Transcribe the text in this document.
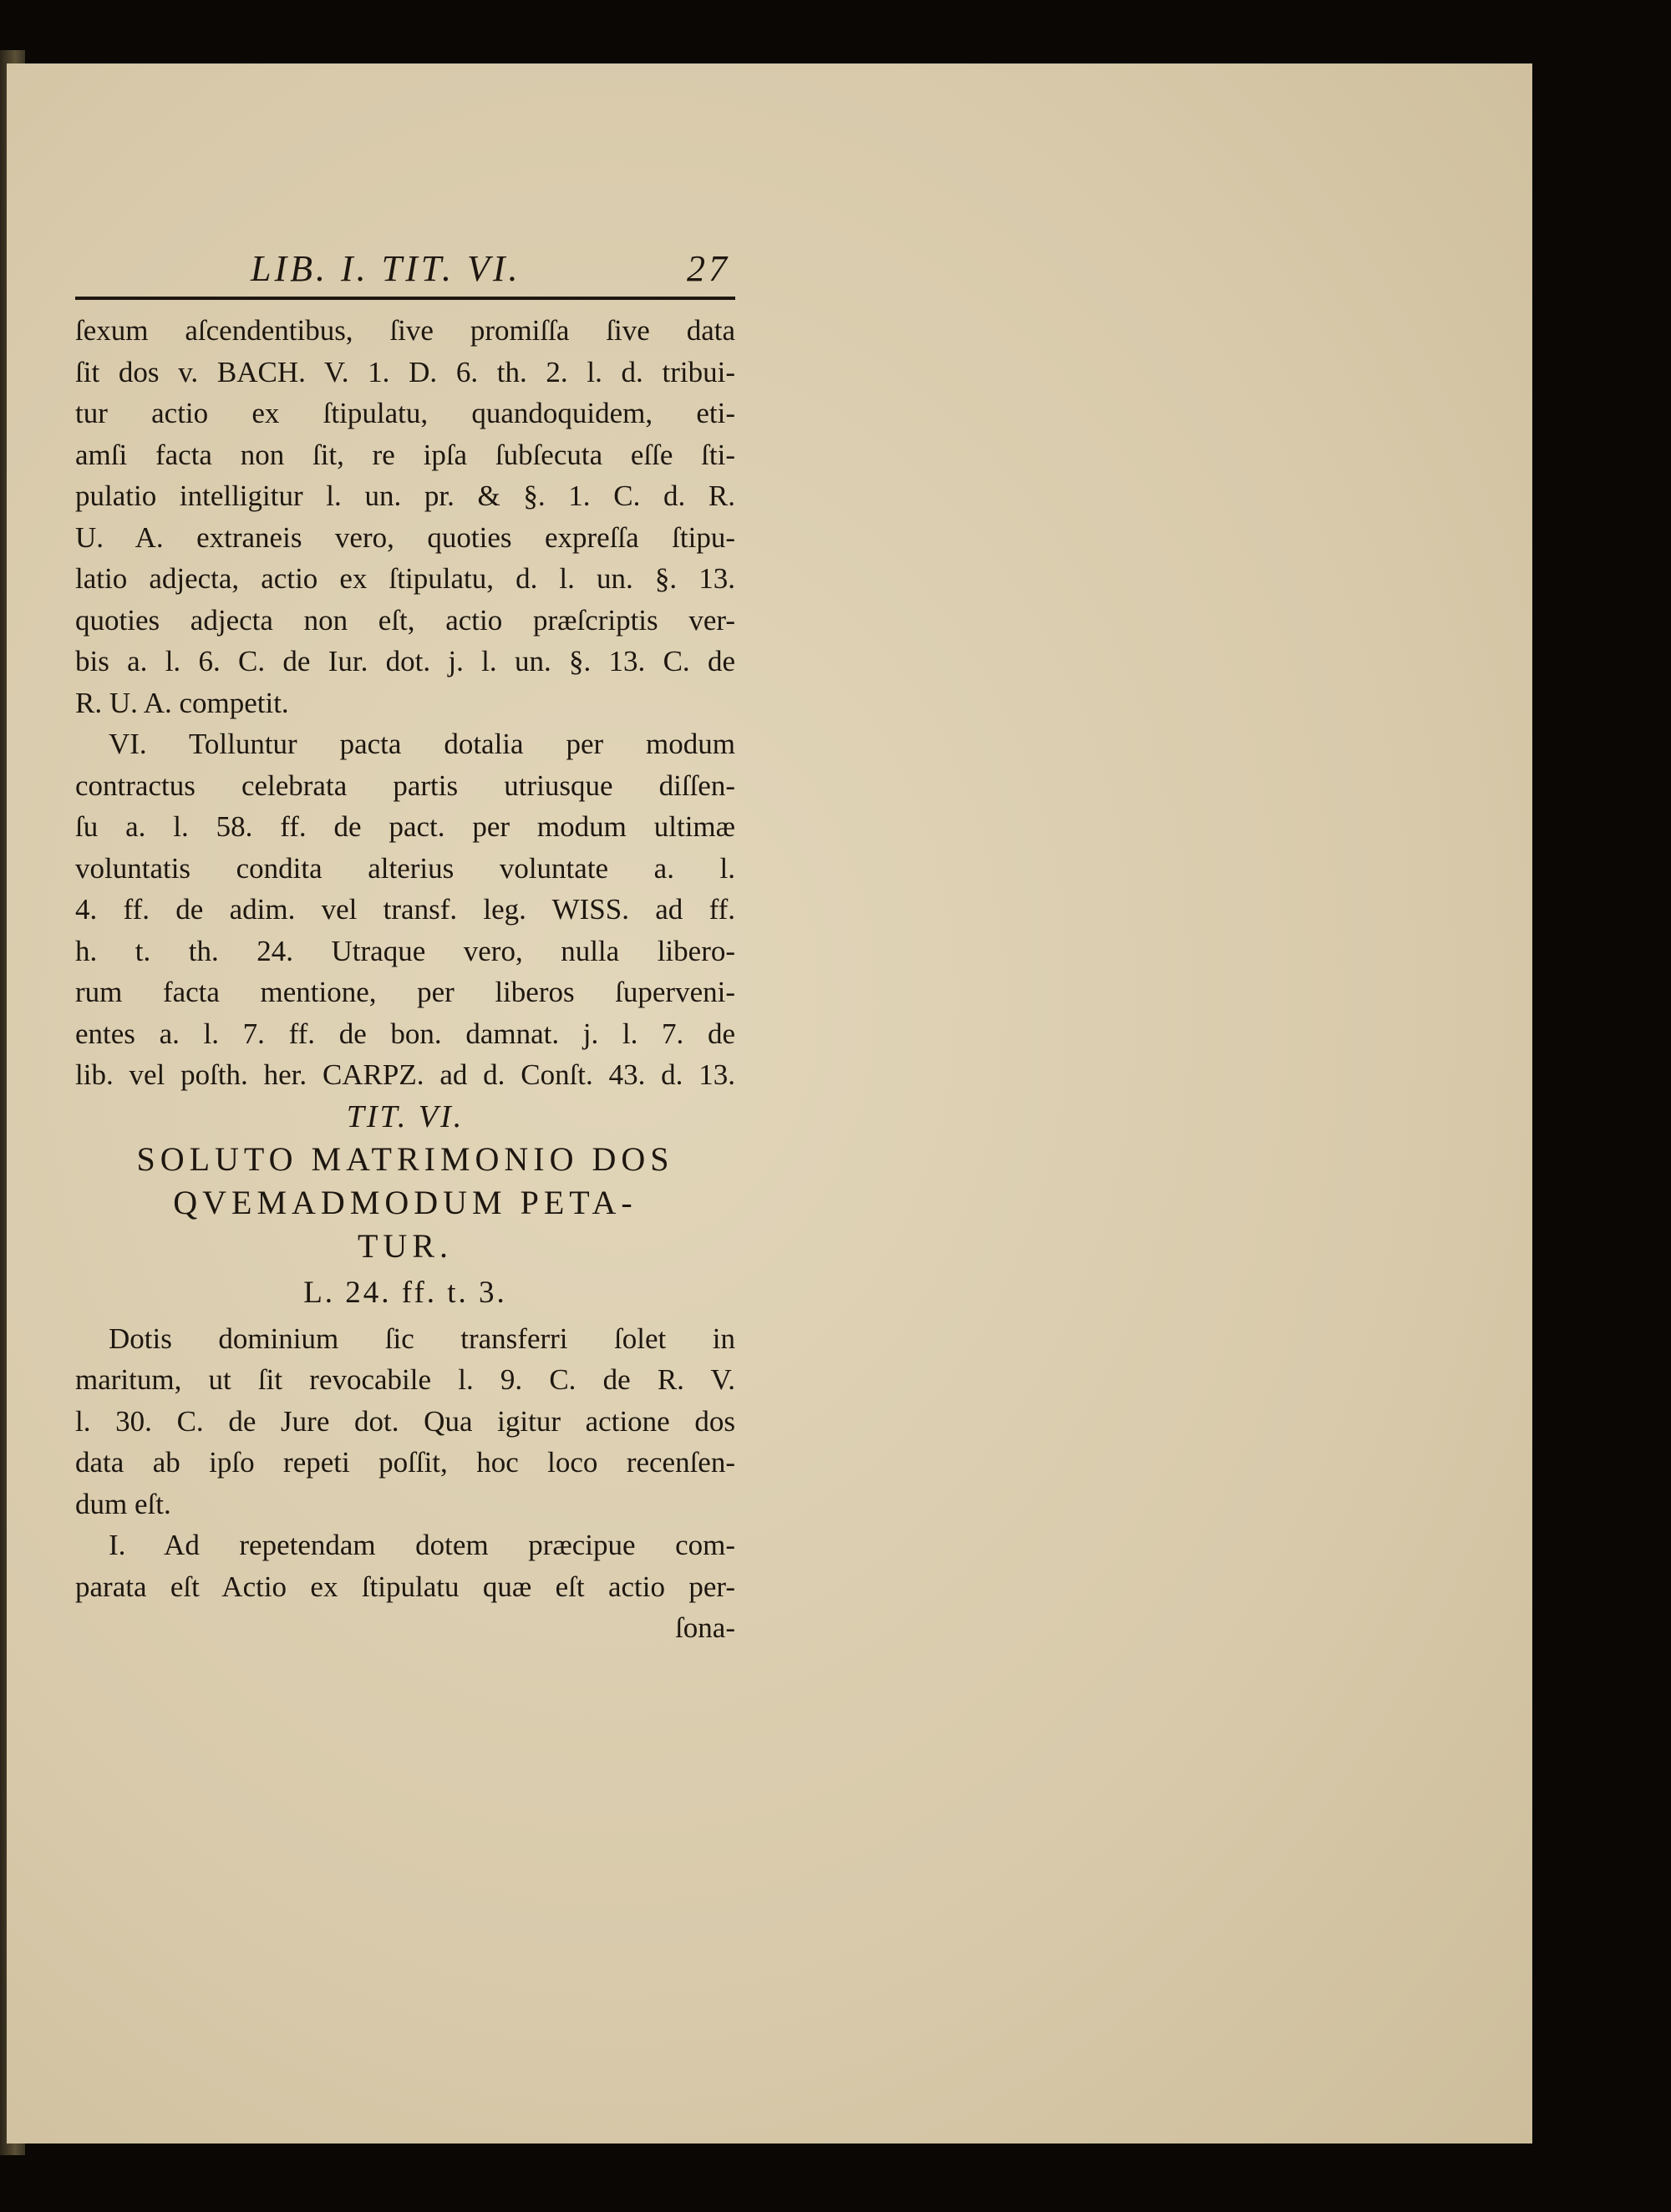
LIB. I. TIT. VI.	27
ſexum aſcendentibus, ſive promiſſa ſive data
ſit dos v. BACH. V. 1. D. 6. th. 2. l. d. tribui-
tur actio ex ſtipulatu, quandoquidem, eti-
amſi facta non ſit, re ipſa ſubſecuta eſſe ſti-
pulatio intelligitur l. un. pr. & §. 1. C. d. R.
U. A. extraneis vero, quoties expreſſa ſtipu-
latio adjecta, actio ex ſtipulatu, d. l. un. §. 13.
quoties adjecta non eſt, actio præſcriptis ver-
bis a. l. 6. C. de Iur. dot. j. l. un. §. 13. C. de
R. U. A. competit.
VI. Tolluntur pacta dotalia per modum
contractus celebrata partis utriusque diſſen-
ſu a. l. 58. ff. de pact. per modum ultimæ
voluntatis condita alterius voluntate a. l.
4. ff. de adim. vel transf. leg. WISS. ad ff.
h. t. th. 24. Utraque vero, nulla libero-
rum facta mentione, per liberos ſuperveni-
entes a. l. 7. ff. de bon. damnat. j. l. 7. de
lib. vel poſth. her. CARPZ. ad d. Conſt. 43. d. 13.
TIT. VI.
SOLUTO MATRIMONIO DOS
QVEMADMODUM PETA-
TUR.
L. 24. ff. t. 3.
Dotis dominium ſic transferri ſolet in
maritum, ut ſit revocabile l. 9. C. de R. V.
l. 30. C. de Jure dot. Qua igitur actione dos
data ab ipſo repeti poſſit, hoc loco recenſen-
dum eſt.
I. Ad repetendam dotem præcipue com-
parata eſt Actio ex ſtipulatu quæ eſt actio per-
ſona-
